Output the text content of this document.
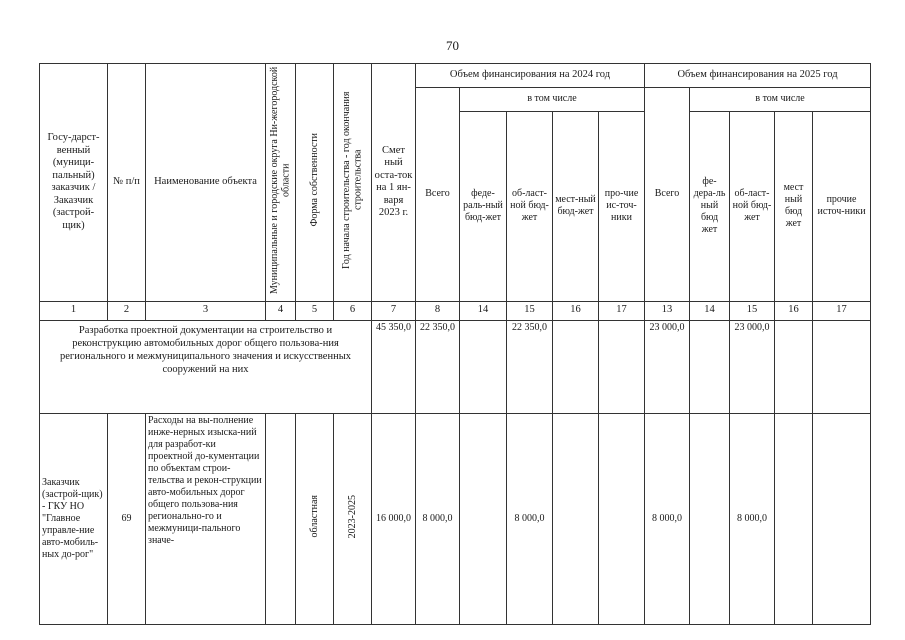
70
Госу-дарст-венный (муници-пальный) заказчик / Заказчик (застрой-щик)	№ п/п	Наименование объекта	Муниципальные и городские округа Ни-жегородской области	Форма собственности	Год начала строительства - год окончания строительства	Смет ный оста-ток на 1 ян-варя 2023 г.	Объем финансирования на 2024 год					Объем финансирования на 2025 год				
							Всего	в том числе				Всего	в том числе			
								феде-раль-ный бюд-жет	об-ласт-ной бюд-жет	мест-ный бюд-жет	про-чие ис-точ-ники		фе-дера-ль ный бюд жет	об-ласт-ной бюд-жет	мест ный бюд жет	прочие источ-ники
1	2	3	4	5	6	7	8	14	15	16	17	13	14	15	16	17
Разработка проектной документации на строительство и реконструкцию автомобильных дорог общего пользова-ния регионального и межмуниципального значения и искусственных сооружений на них						45 350,0	22 350,0		22 350,0			23 000,0		23 000,0		
Заказчик (застрой-щик) - ГКУ НО "Главное управле-ние авто-мобиль-ных до-рог"	69	Расходы на вы-полнение инже-нерных изыска-ний для разработ-ки проектной до-кументации по объектам строи-тельства и рекон-струкции авто-мобильных дорог общего пользова-ния регионально-го и межмуници-пального значе-		областная	2023-2025	16 000,0	8 000,0		8 000,0			8 000,0		8 000,0		
